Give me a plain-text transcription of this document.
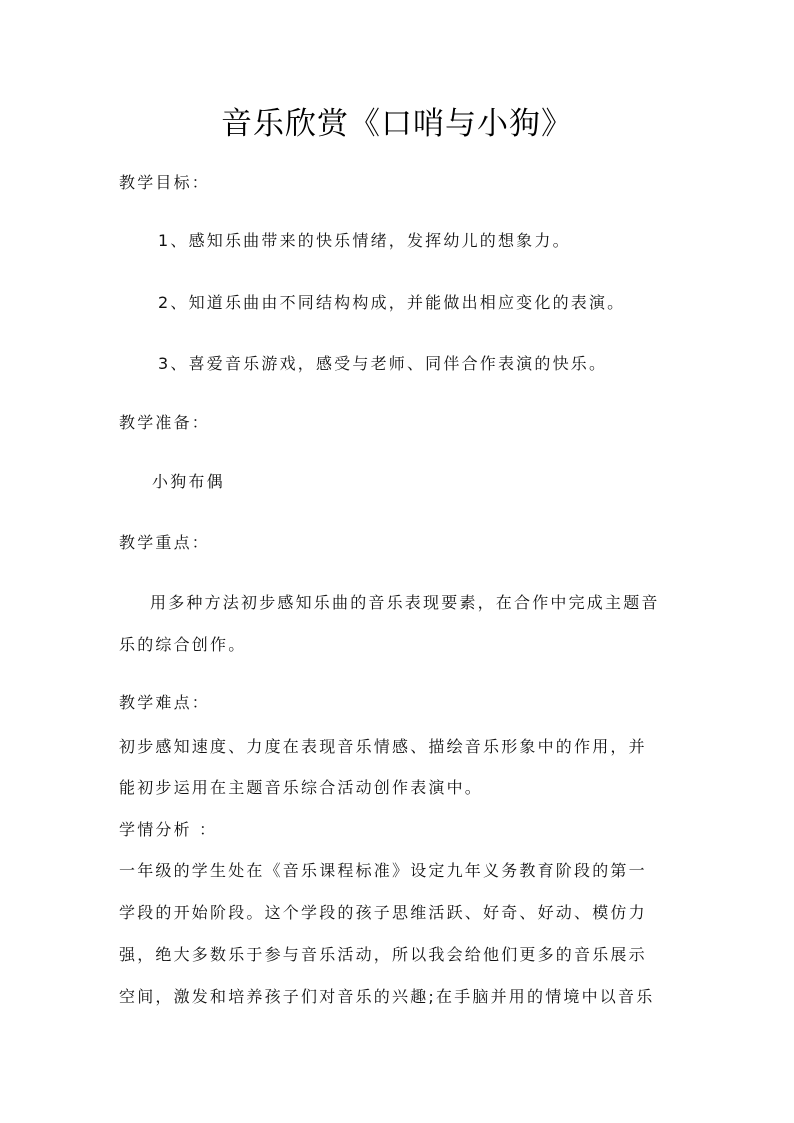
音乐欣赏《口哨与小狗》
教学目标：
1、感知乐曲带来的快乐情绪，发挥幼儿的想象力。
2、知道乐曲由不同结构构成，并能做出相应变化的表演。
3、喜爱音乐游戏，感受与老师、同伴合作表演的快乐。
教学准备：
小狗布偶
教学重点：
用多种方法初步感知乐曲的音乐表现要素，在合作中完成主题音
乐的综合创作。
教学难点：
初步感知速度、力度在表现音乐情感、描绘音乐形象中的作用，并
能初步运用在主题音乐综合活动创作表演中。
学情分析 ：
一年级的学生处在《音乐课程标准》设定九年义务教育阶段的第一
学段的开始阶段。这个学段的孩子思维活跃、好奇、好动、模仿力
强，绝大多数乐于参与音乐活动，所以我会给他们更多的音乐展示
空间，激发和培养孩子们对音乐的兴趣;在手脑并用的情境中以音乐
